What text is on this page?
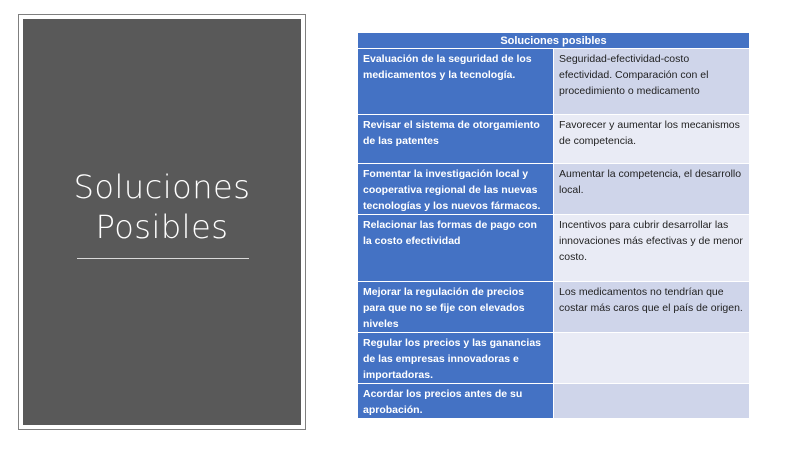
Soluciones
Posibles
Soluciones posibles	
Evaluación de la seguridad de los medicamentos y la tecnología.	Seguridad-efectividad-costo efectividad. Comparación con el procedimiento o medicamento
Revisar el sistema de otorgamiento de las patentes	Favorecer y aumentar los mecanismos de competencia.
Fomentar la investigación local y cooperativa regional de las nuevas tecnologías y los nuevos fármacos.	Aumentar la competencia, el desarrollo local.
Relacionar las formas de pago con la costo efectividad	Incentivos para cubrir desarrollar las innovaciones más efectivas y de menor costo.
Mejorar la regulación de precios para que no se fije con elevados niveles	Los medicamentos no tendrían que costar más caros que el país de origen.
Regular los precios y las ganancias de las empresas innovadoras e importadoras.	
Acordar los precios antes de su aprobación.	
